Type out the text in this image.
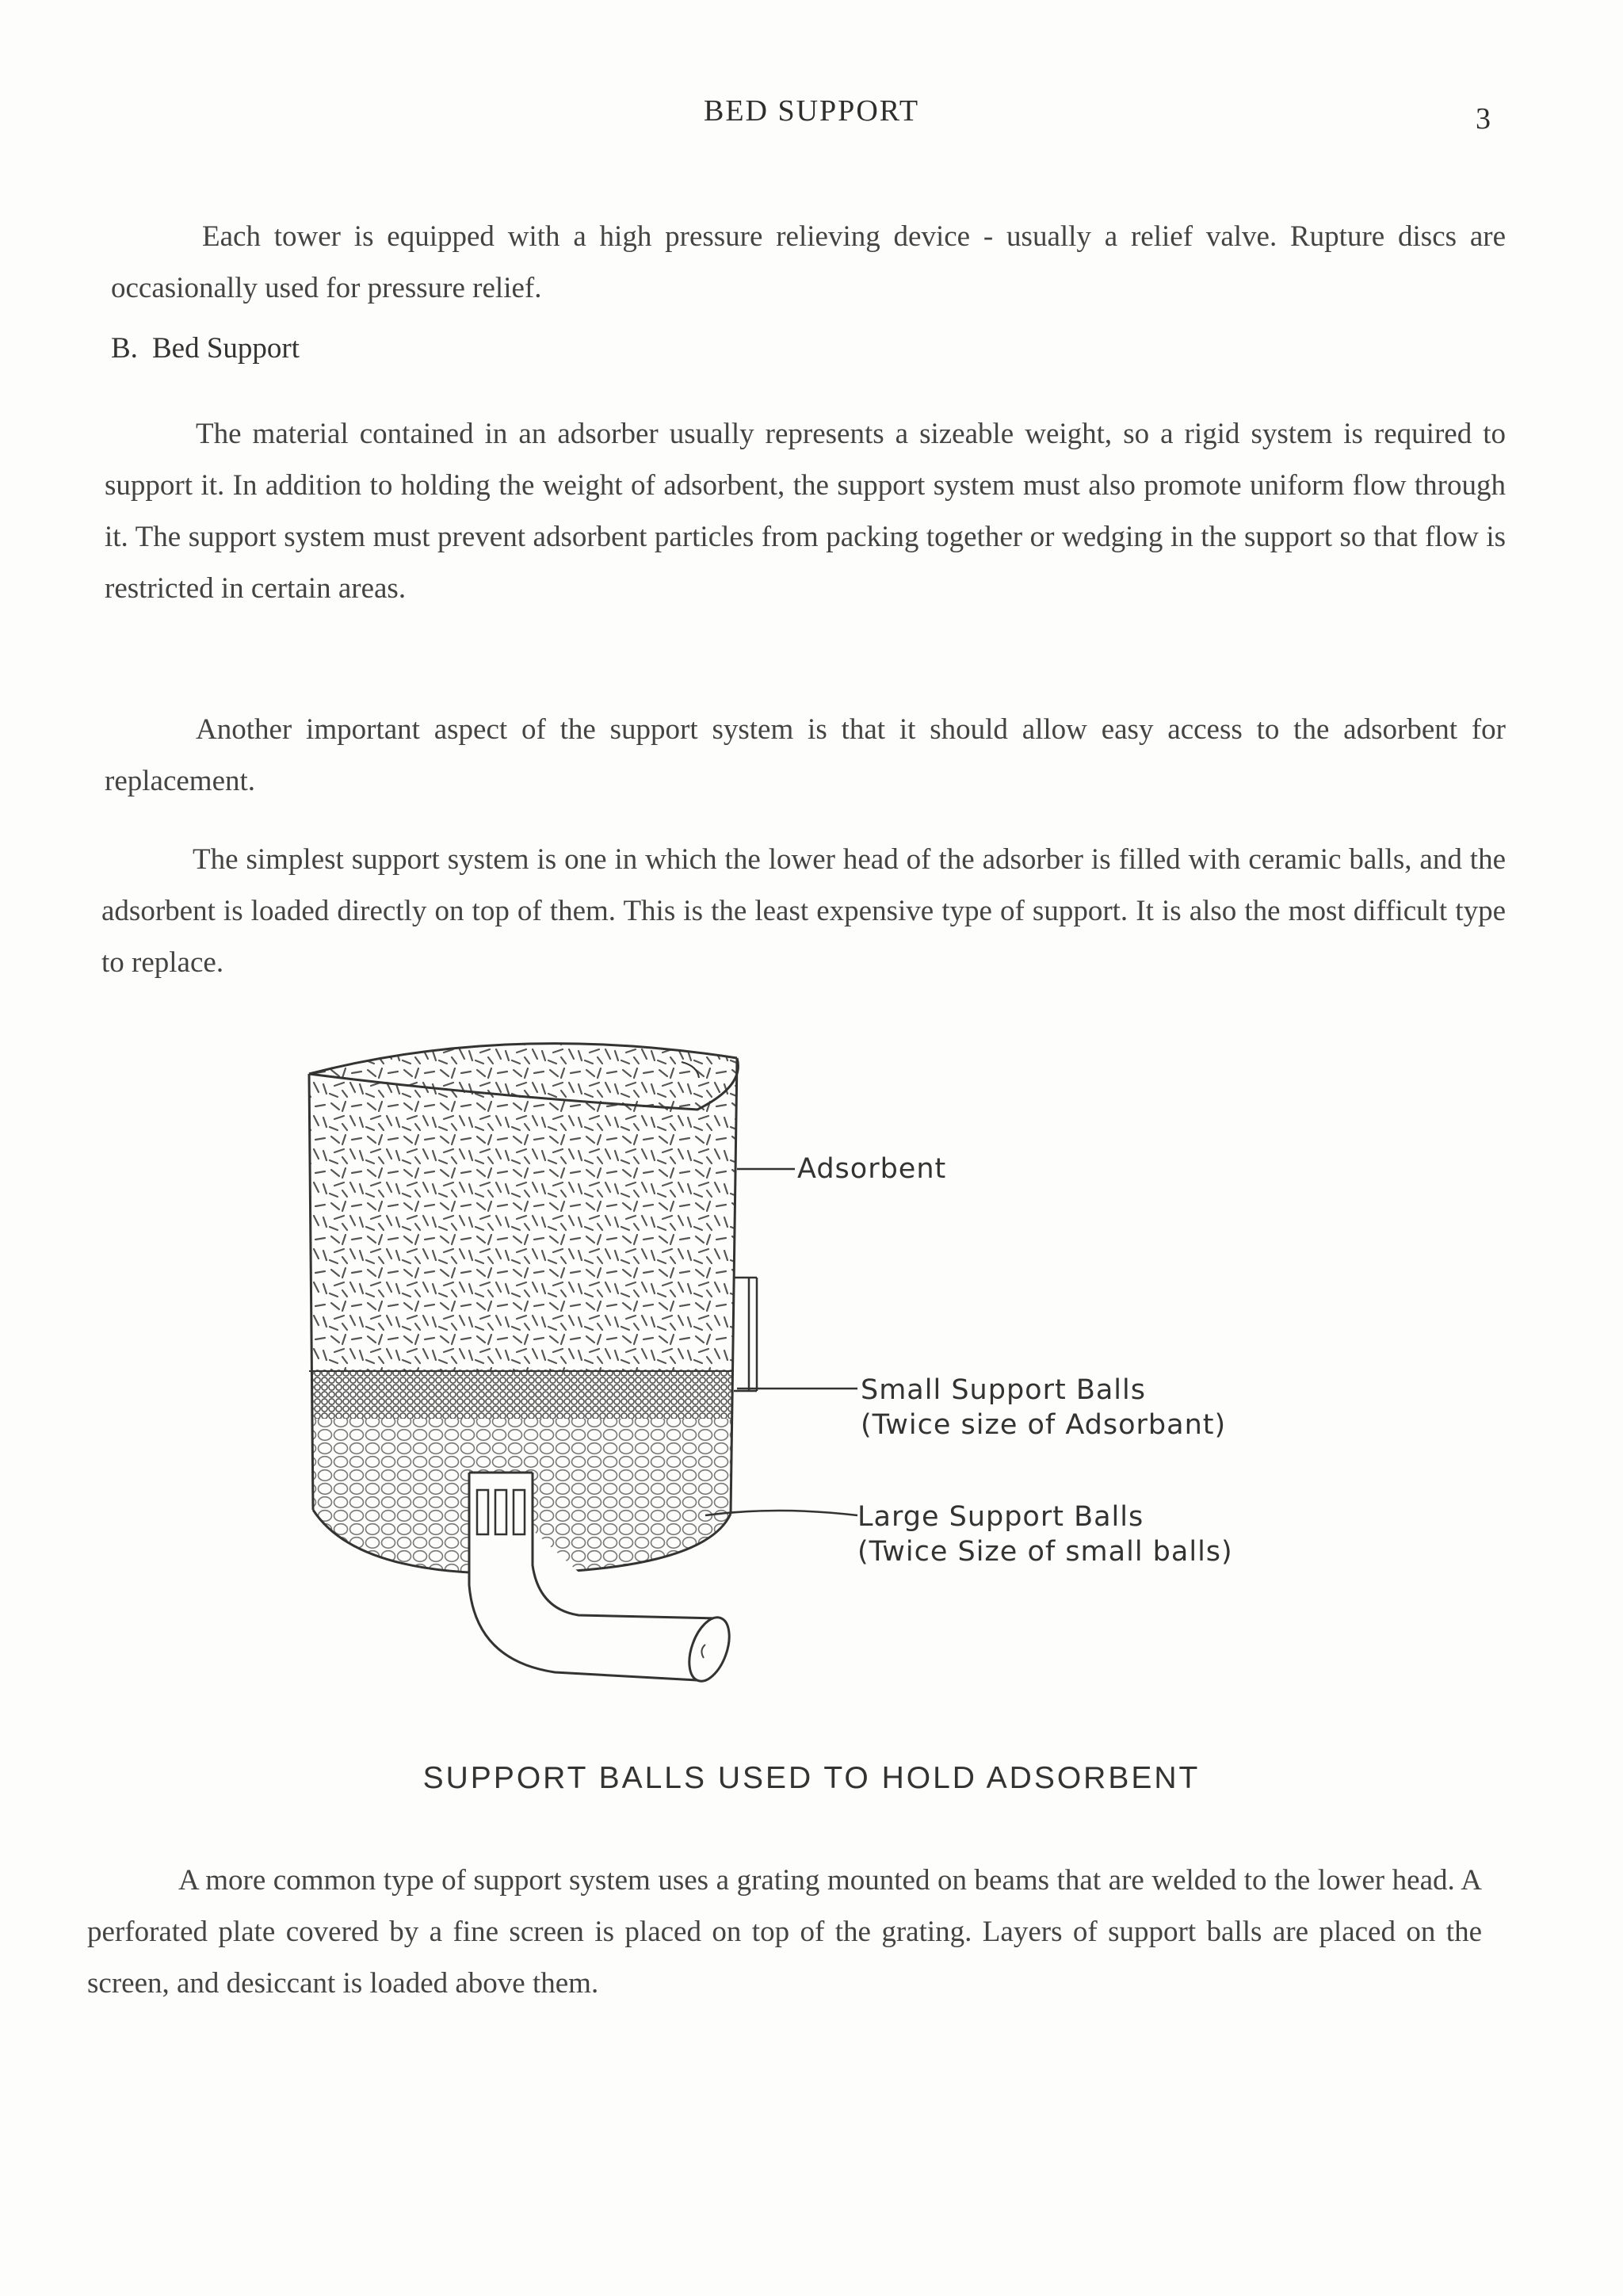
BED SUPPORT	3

Each tower is equipped with a high pressure relieving device - usually a relief valve. Rupture discs are occasionally used for pressure relief.

B. Bed Support

The material contained in an adsorber usually represents a sizeable weight, so a rigid system is required to support it. In addition to holding the weight of adsorbent, the support system must also promote uniform flow through it. The support system must prevent adsorbent particles from packing together or wedging in the support so that flow is restricted in certain areas.

Another important aspect of the support system is that it should allow easy access to the adsorbent for replacement.

The simplest support system is one in which the lower head of the adsorber is filled with ceramic balls, and the adsorbent is loaded directly on top of them. This is the least expensive type of support. It is also the most difficult type to replace.

Adsorbent
Small Support Balls
(Twice size of Adsorbant)
Large Support Balls
(Twice Size of small balls)
SUPPORT BALLS USED TO HOLD ADSORBENT

A more common type of support system uses a grating mounted on beams that are welded to the lower head. A perforated plate covered by a fine screen is placed on top of the grating. Layers of support balls are placed on the screen, and desiccant is loaded above them.
